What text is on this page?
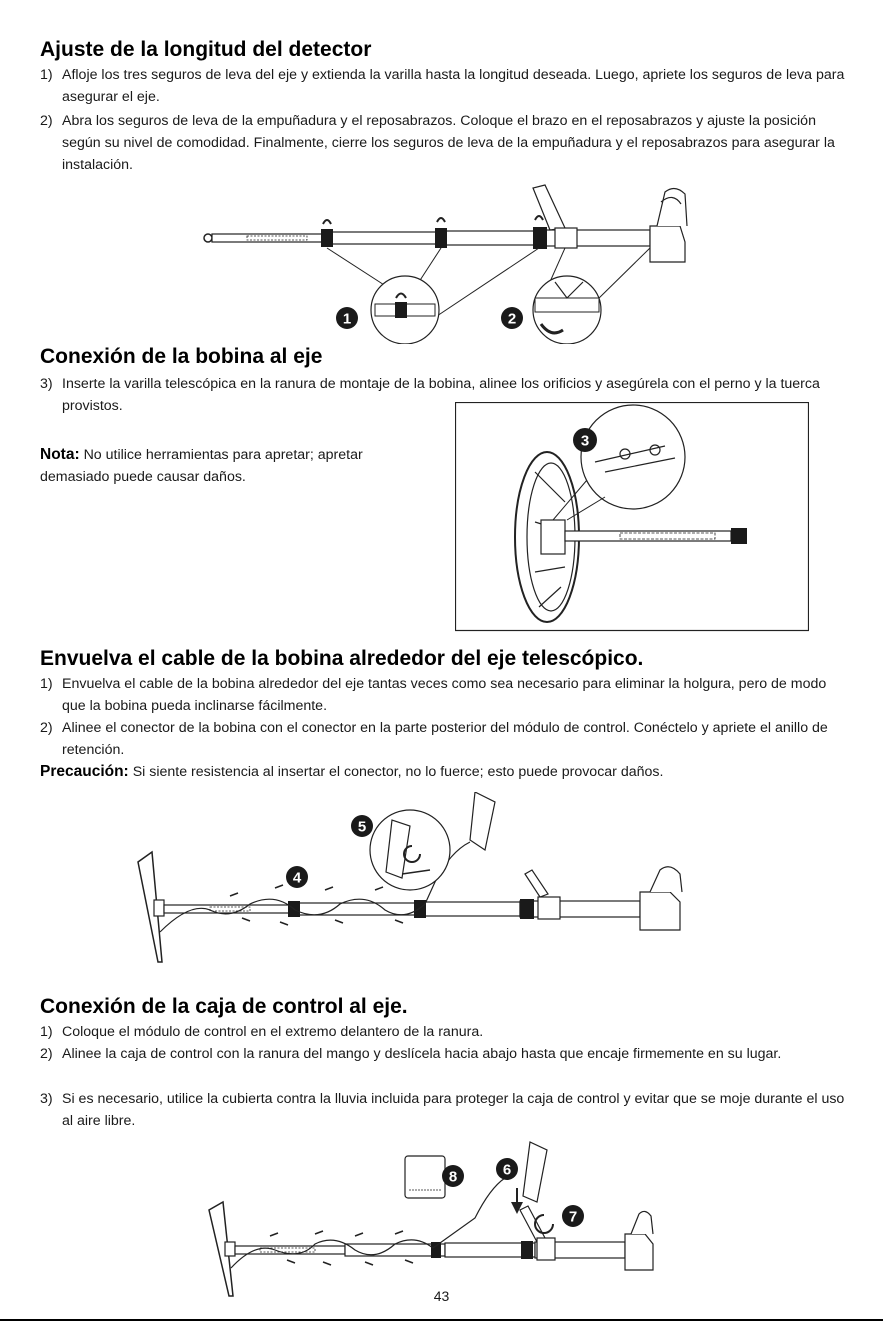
Ajuste de la longitud del detector
1) Afloje los tres seguros de leva del eje y extienda la varilla hasta la longitud deseada. Luego, apriete los seguros de leva para asegurar el eje.
2) Abra los seguros de leva de la empuñadura y el reposabrazos. Coloque el brazo en el reposabrazos y ajuste la posición según su nivel de comodidad. Finalmente, cierre los seguros de leva de la empuñadura y el reposabrazos para asegurar la instalación.
1	2
Conexión de la bobina al eje
3) Inserte la varilla telescópica en la ranura de montaje de la bobina, alinee los orificios y asegúrela con el perno y la tuerca provistos.
Nota: No utilice herramientas para apretar; apretar demasiado puede causar daños.
3
Envuelva el cable de la bobina alrededor del eje telescópico.
1) Envuelva el cable de la bobina alrededor del eje tantas veces como sea necesario para eliminar la holgura, pero de modo que la bobina pueda inclinarse fácilmente.
2) Alinee el conector de la bobina con el conector en la parte posterior del módulo de control. Conéctelo y apriete el anillo de retención.
Precaución: Si siente resistencia al insertar el conector, no lo fuerce; esto puede provocar daños.
5
4
Conexión de la caja de control al eje.
1) Coloque el módulo de control en el extremo delantero de la ranura.
2) Alinee la caja de control con la ranura del mango y deslícela hacia abajo hasta que encaje firmemente en su lugar.
3) Si es necesario, utilice la cubierta contra la lluvia incluida para proteger la caja de control y evitar que se moje durante el uso al aire libre.
8	6
7
43
